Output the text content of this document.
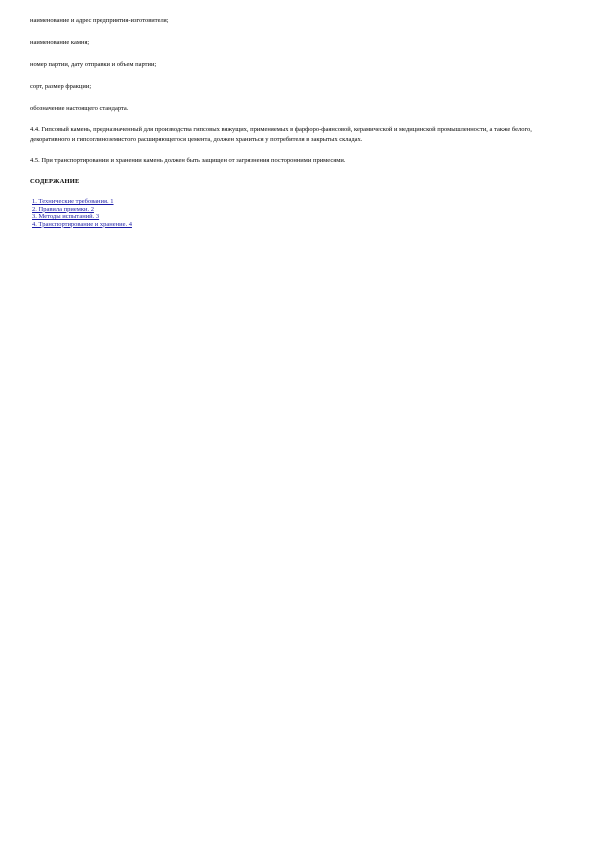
наименование и адрес предприятия-изготовителя;

наименование камня;

номер партии, дату отправки и объем партии;

сорт, размер фракции;

обозначение настоящего стандарта.

4.4. Гипсовый камень, предназначенный для производства гипсовых вяжущих, применяемых в фарфоро-фаянсовой, керамической и медицинской промышленности, а также белого, декоративного и гипсоглиноземистого расширяющегося цемента, должен храниться у потребителя в закрытых складах.

4.5. При транспортировании и хранении камень должен быть защищен от загрязнения посторонними примесями.

СОДЕРЖАНИЕ

1. Технические требования. 1
2. Правила приемки. 2
3. Методы испытаний. 3
4. Транспортирование и хранение. 4
